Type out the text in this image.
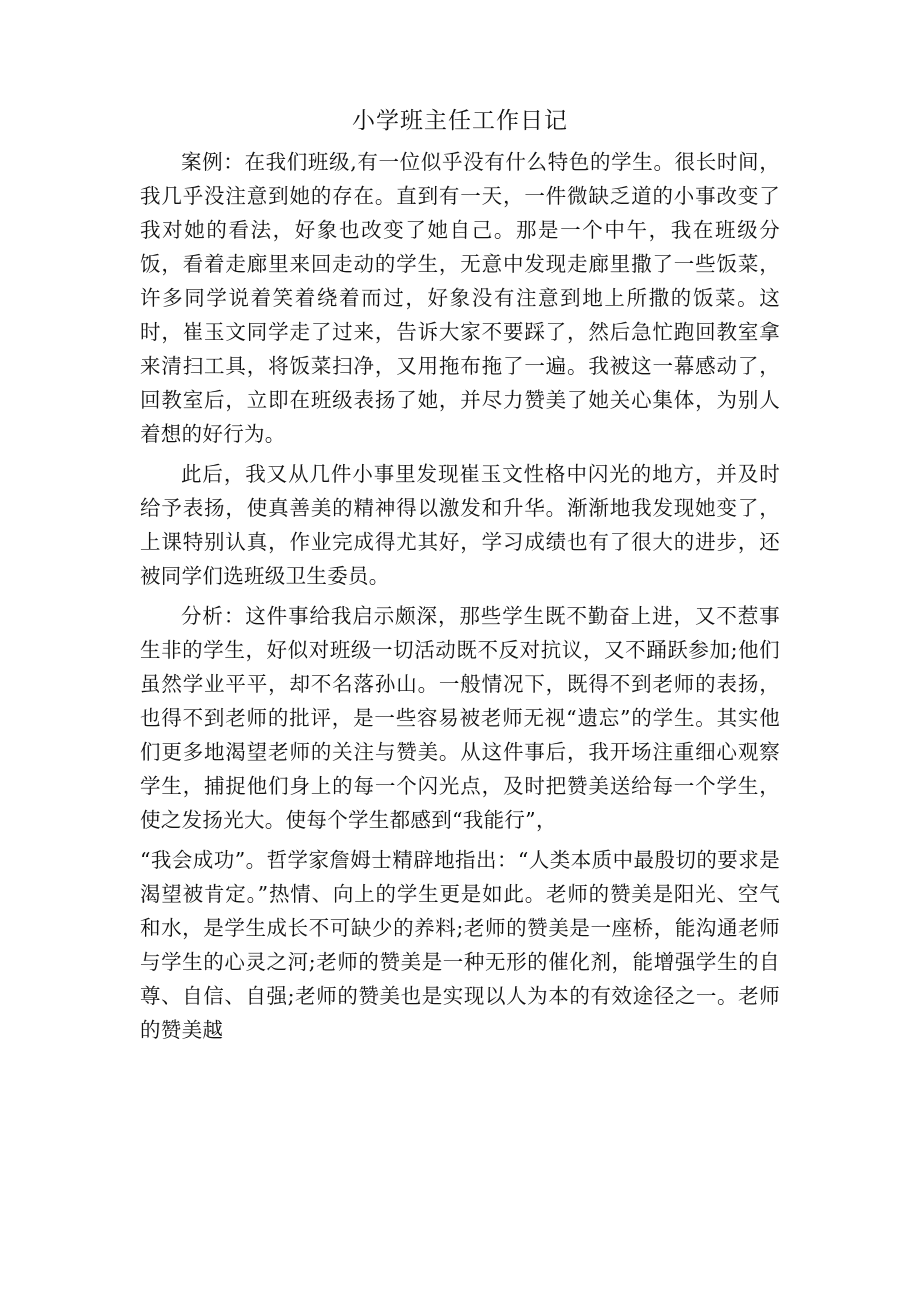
小学班主任工作日记

案例：在我们班级,有一位似乎没有什么特色的学生。很长时间，我几乎没注意到她的存在。直到有一天，一件微缺乏道的小事改变了我对她的看法，好象也改变了她自己。那是一个中午，我在班级分饭，看着走廊里来回走动的学生，无意中发现走廊里撒了一些饭菜，许多同学说着笑着绕着而过，好象没有注意到地上所撒的饭菜。这时，崔玉文同学走了过来，告诉大家不要踩了，然后急忙跑回教室拿来清扫工具，将饭菜扫净，又用拖布拖了一遍。我被这一幕感动了，回教室后，立即在班级表扬了她，并尽力赞美了她关心集体，为别人着想的好行为。

此后，我又从几件小事里发现崔玉文性格中闪光的地方，并及时给予表扬，使真善美的精神得以激发和升华。渐渐地我发现她变了，上课特别认真，作业完成得尤其好，学习成绩也有了很大的进步，还被同学们选班级卫生委员。

分析：这件事给我启示颇深，那些学生既不勤奋上进，又不惹事生非的学生，好似对班级一切活动既不反对抗议，又不踊跃参加;他们虽然学业平平，却不名落孙山。一般情况下，既得不到老师的表扬，也得不到老师的批评，是一些容易被老师无视“遗忘”的学生。其实他们更多地渴望老师的关注与赞美。从这件事后，我开场注重细心观察学生，捕捉他们身上的每一个闪光点，及时把赞美送给每一个学生，使之发扬光大。使每个学生都感到“我能行”，

“我会成功”。哲学家詹姆士精辟地指出：“人类本质中最殷切的要求是渴望被肯定。”热情、向上的学生更是如此。老师的赞美是阳光、空气和水，是学生成长不可缺少的养料;老师的赞美是一座桥，能沟通老师与学生的心灵之河;老师的赞美是一种无形的催化剂，能增强学生的自尊、自信、自强;老师的赞美也是实现以人为本的有效途径之一。老师的赞美越
